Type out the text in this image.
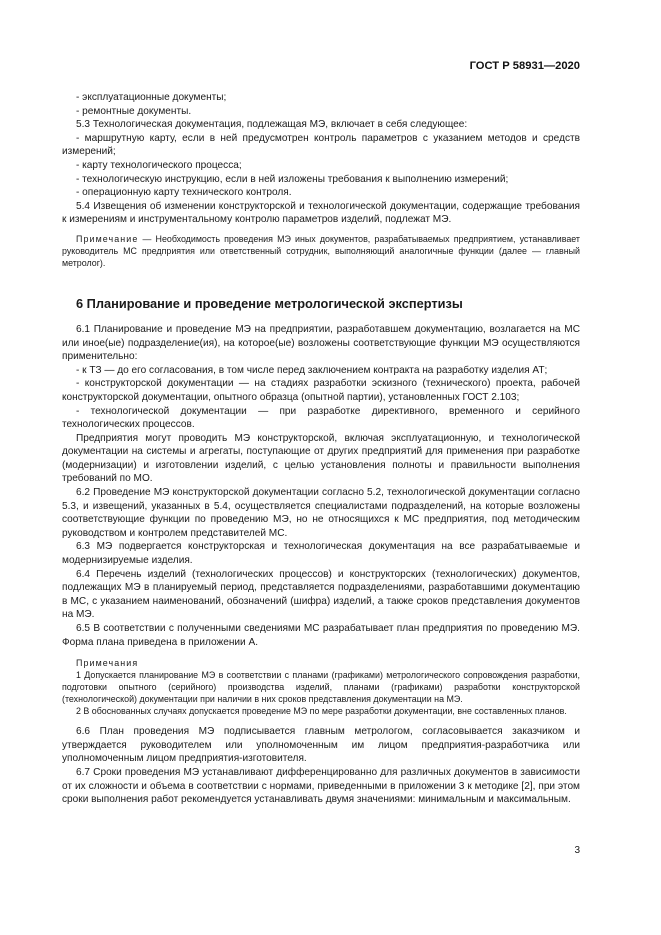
ГОСТ Р 58931—2020

- эксплуатационные документы;

- ремонтные документы.

5.3 Технологическая документация, подлежащая МЭ, включает в себя следующее:

- маршрутную карту, если в ней предусмотрен контроль параметров с указанием методов и средств измерений;

- карту технологического процесса;

- технологическую инструкцию, если в ней изложены требования к выполнению измерений;

- операционную карту технического контроля.

5.4 Извещения об изменении конструкторской и технологической документации, содержащие требования к измерениям и инструментальному контролю параметров изделий, подлежат МЭ.

Примечание — Необходимость проведения МЭ иных документов, разрабатываемых предприятием, устанавливает руководитель МС предприятия или ответственный сотрудник, выполняющий аналогичные функции (далее — главный метролог).

6 Планирование и проведение метрологической экспертизы

6.1 Планирование и проведение МЭ на предприятии, разработавшем документацию, возлагается на МС или иное(ые) подразделение(ия), на которое(ые) возложены соответствующие функции МЭ осуществляются применительно:

- к ТЗ — до его согласования, в том числе перед заключением контракта на разработку изделия АТ;

- конструкторской документации — на стадиях разработки эскизного (технического) проекта, рабочей конструкторской документации, опытного образца (опытной партии), установленных ГОСТ 2.103;

- технологической документации — при разработке директивного, временного и серийного технологических процессов.

Предприятия могут проводить МЭ конструкторской, включая эксплуатационную, и технологической документации на системы и агрегаты, поступающие от других предприятий для применения при разработке (модернизации) и изготовлении изделий, с целью установления полноты и правильности выполнения требований по МО.

6.2 Проведение МЭ конструкторской документации согласно 5.2, технологической документации согласно 5.3, и извещений, указанных в 5.4, осуществляется специалистами подразделений, на которые возложены соответствующие функции по проведению МЭ, но не относящихся к МС предприятия, под методическим руководством и контролем представителей МС.

6.3 МЭ подвергается конструкторская и технологическая документация на все разрабатываемые и модернизируемые изделия.

6.4 Перечень изделий (технологических процессов) и конструкторских (технологических) документов, подлежащих МЭ в планируемый период, представляется подразделениями, разработавшими документацию в МС, с указанием наименований, обозначений (шифра) изделий, а также сроков представления документов на МЭ.

6.5 В соответствии с полученными сведениями МС разрабатывает план предприятия по проведению МЭ. Форма плана приведена в приложении А.

Примечания

1 Допускается планирование МЭ в соответствии с планами (графиками) метрологического сопровождения разработки, подготовки опытного (серийного) производства изделий, планами (графиками) разработки конструкторской (технологической) документации при наличии в них сроков представления документации на МЭ.

2 В обоснованных случаях допускается проведение МЭ по мере разработки документации, вне составленных планов.

6.6 План проведения МЭ подписывается главным метрологом, согласовывается заказчиком и утверждается руководителем или уполномоченным им лицом предприятия-разработчика или уполномоченным лицом предприятия-изготовителя.

6.7 Сроки проведения МЭ устанавливают дифференцированно для различных документов в зависимости от их сложности и объема в соответствии с нормами, приведенными в приложении 3 к методике [2], при этом сроки выполнения работ рекомендуется устанавливать двумя значениями: минимальным и максимальным.

3
